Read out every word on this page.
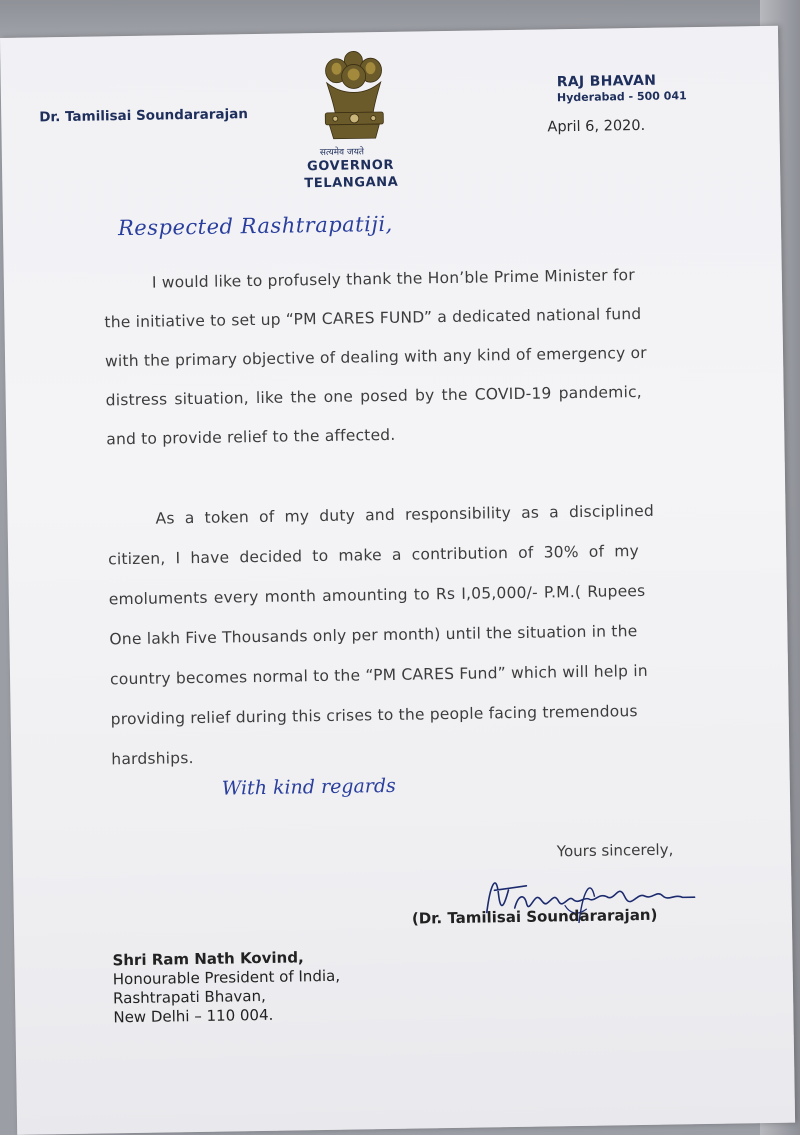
Dr. Tamilisai Soundararajan
सत्यमेव जयते
GOVERNOR
TELANGANA
RAJ BHAVAN
Hyderabad - 500 041
April 6, 2020.
Respected Rashtrapatiji,
I would like to profusely thank the Hon’ble Prime Minister for
the initiative to set up “PM CARES FUND” a dedicated national fund
with the primary objective of dealing with any kind of emergency or
distress situation, like the one posed by the COVID-19 pandemic,
and to provide relief to the affected.
As a token of my duty and responsibility as a disciplined
citizen, I have decided to make a contribution of 30% of my
emoluments every month amounting to Rs I,05,000/- P.M.( Rupees
One lakh Five Thousands only per month) until the situation in the
country becomes normal to the “PM CARES Fund” which will help in
providing relief during this crises to the people facing tremendous
hardships.
With kind regards
Yours sincerely,
(Dr. Tamilisai Soundararajan)
Shri Ram Nath Kovind,
Honourable President of India,
Rashtrapati Bhavan,
New Delhi – 110 004.
